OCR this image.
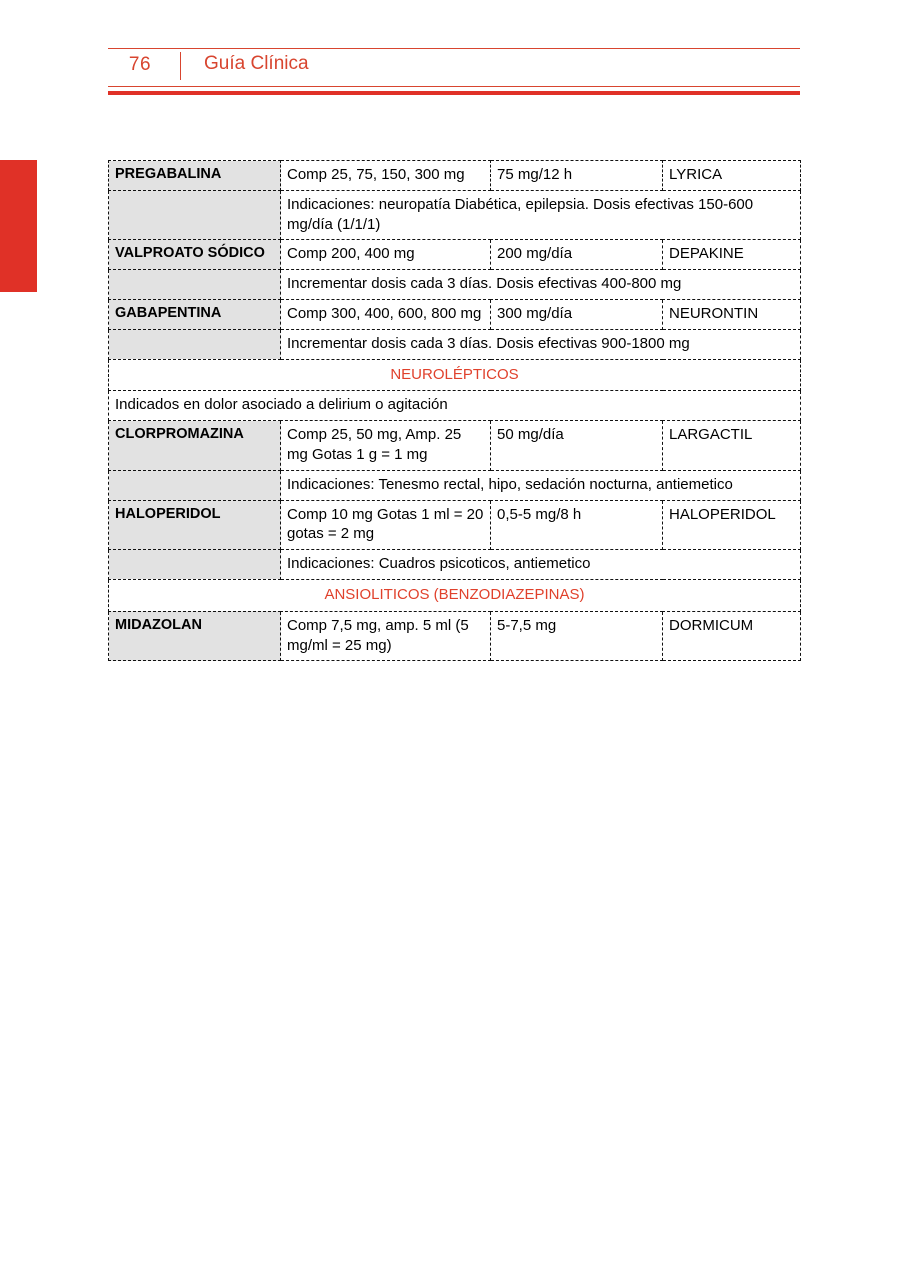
76	Guía Clínica
PREGABALINA	Comp 25, 75, 150, 300 mg	75 mg/12 h	LYRICA
	Indicaciones: neuropatía Diabética, epilepsia. Dosis efectivas 150-600 mg/día (1/1/1)		
VALPROATO SÓDICO	Comp 200, 400 mg	200 mg/día	DEPAKINE
	Incrementar dosis cada 3 días. Dosis efectivas 400-800 mg		
GABAPENTINA	Comp 300, 400, 600, 800 mg	300 mg/día	NEURONTIN
	Incrementar dosis cada 3 días. Dosis efectivas 900-1800 mg		
NEUROLÉPTICOS			
Indicados en dolor asociado a delirium o agitación			
CLORPROMAZINA	Comp 25, 50 mg, Amp. 25 mg Gotas 1 g = 1 mg	50 mg/día	LARGACTIL
	Indicaciones: Tenesmo rectal, hipo, sedación nocturna, antiemetico		
HALOPERIDOL	Comp 10 mg Gotas 1 ml = 20 gotas = 2 mg	0,5-5 mg/8 h	HALOPERIDOL
	Indicaciones: Cuadros psicoticos, antiemetico		
ANSIOLITICOS (BENZODIAZEPINAS)			
MIDAZOLAN	Comp 7,5 mg, amp. 5 ml (5 mg/ml = 25 mg)	5-7,5 mg	DORMICUM
